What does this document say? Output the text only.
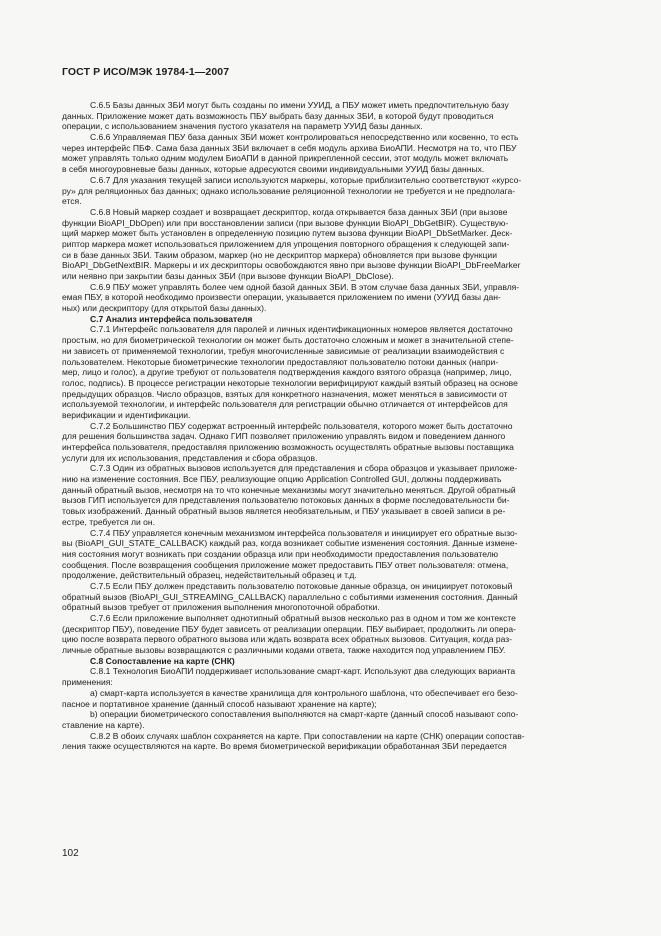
ГОСТ Р ИСО/МЭК 19784-1—2007

С.6.5 Базы данных ЗБИ могут быть созданы по имени УУИД, а ПБУ может иметь предпочтительную базу
данных. Приложение может дать возможность ПБУ выбрать базу данных ЗБИ, в которой будут проводиться
операции, с использованием значения пустого указателя на параметр УУИД базы данных.

С.6.6 Управляемая ПБУ база данных ЗБИ может контролироваться непосредственно или косвенно, то есть
через интерфейс ПБФ. Сама база данных ЗБИ включает в себя модуль архива БиоАПИ. Несмотря на то, что ПБУ
может управлять только одним модулем БиоАПИ в данной прикрепленной сессии, этот модуль может включать
в себя многоуровневые базы данных, которые адресуются своими индивидуальными УУИД базы данных.

С.6.7 Для указания текущей записи используются маркеры, которые приблизительно соответствуют «курсо-
ру» для реляционных баз данных; однако использование реляционной технологии не требуется и не предполага-
ется.

С.6.8 Новый маркер создает и возвращает дескриптор, когда открывается база данных ЗБИ (при вызове
функции BioAPI_DbOpen) или при восстановлении записи (при вызове функции BioAPI_DbGetBIR). Существую-
щий маркер может быть установлен в определенную позицию путем вызова функции BioAPI_DbSetMarker. Деск-
риптор маркера может использоваться приложением для упрощения повторного обращения к следующей запи-
си в базе данных ЗБИ. Таким образом, маркер (но не дескриптор маркера) обновляется при вызове функции
BioAPI_DbGetNextBIR. Маркеры и их дескрипторы освобождаются явно при вызове функции BioAPI_DbFreeMarker
или неявно при закрытии базы данных ЗБИ (при вызове функции BioAPI_DbClose).

С.6.9 ПБУ может управлять более чем одной базой данных ЗБИ. В этом случае база данных ЗБИ, управля-
емая ПБУ, в которой необходимо произвести операции, указывается приложением по имени (УУИД базы дан-
ных) или дескриптору (для открытой базы данных).

С.7 Анализ интерфейса пользователя

С.7.1 Интерфейс пользователя для паролей и личных идентификационных номеров является достаточно
простым, но для биометрической технологии он может быть достаточно сложным и может в значительной степе-
ни зависеть от применяемой технологии, требуя многочисленные зависимые от реализации взаимодействия с
пользователем. Некоторые биометрические технологии предоставляют пользователю потоки данных (напри-
мер, лицо и голос), а другие требуют от пользователя подтверждения каждого взятого образца (например, лицо,
голос, подпись). В процессе регистрации некоторые технологии верифицируют каждый взятый образец на основе
предыдущих образцов. Число образцов, взятых для конкретного назначения, может меняться в зависимости от
используемой технологии, и интерфейс пользователя для регистрации обычно отличается от интерфейсов для
верификации и идентификации.

С.7.2 Большинство ПБУ содержат встроенный интерфейс пользователя, которого может быть достаточно
для решения большинства задач. Однако ГИП позволяет приложению управлять видом и поведением данного
интерфейса пользователя, предоставляя приложению возможность осуществлять обратные вызовы поставщика
услуги для их использования, представления и сбора образцов.

С.7.3 Один из обратных вызовов используется для представления и сбора образцов и указывает приложе-
нию на изменение состояния. Все ПБУ, реализующие опцию Application Controlled GUI, должны поддерживать
данный обратный вызов, несмотря на то что конечные механизмы могут значительно меняться. Другой обратный
вызов ГИП используется для представления пользователю потоковых данных в форме последовательности би-
товых изображений. Данный обратный вызов является необязательным, и ПБУ указывает в своей записи в ре-
естре, требуется ли он.

С.7.4 ПБУ управляется конечным механизмом интерфейса пользователя и инициирует его обратные вызо-
вы (BioAPI_GUI_STATE_CALLBACK) каждый раз, когда возникает событие изменения состояния. Данные измене-
ния состояния могут возникать при создании образца или при необходимости предоставления пользователю
сообщения. После возвращения сообщения приложение может предоставить ПБУ ответ пользователя: отмена,
продолжение, действительный образец, недействительный образец и т.д.

С.7.5 Если ПБУ должен представить пользователю потоковые данные образца, он инициирует потоковый
обратный вызов (BioAPI_GUI_STREAMING_CALLBACK) параллельно с событиями изменения состояния. Данный
обратный вызов требует от приложения выполнения многопоточной обработки.

С.7.6 Если приложение выполняет однотипный обратный вызов несколько раз в одном и том же контексте
(дескриптор ПБУ), поведение ПБУ будет зависеть от реализации операции. ПБУ выбирает, продолжить ли опера-
цию после возврата первого обратного вызова или ждать возврата всех обратных вызовов. Ситуация, когда раз-
личные обратные вызовы возвращаются с различными кодами ответа, также находится под управлением ПБУ.

С.8 Сопоставление на карте (СНК)

С.8.1 Технология БиоАПИ поддерживает использование смарт-карт. Используют два следующих варианта
применения:

a) смарт-карта используется в качестве хранилища для контрольного шаблона, что обеспечивает его безо-
пасное и портативное хранение (данный способ называют хранение на карте);

b) операции биометрического сопоставления выполняются на смарт-карте (данный способ называют сопо-
ставление на карте).

С.8.2 В обоих случаях шаблон сохраняется на карте. При сопоставлении на карте (СНК) операции сопостав-
ления также осуществляются на карте. Во время биометрической верификации обработанная ЗБИ передается

102
